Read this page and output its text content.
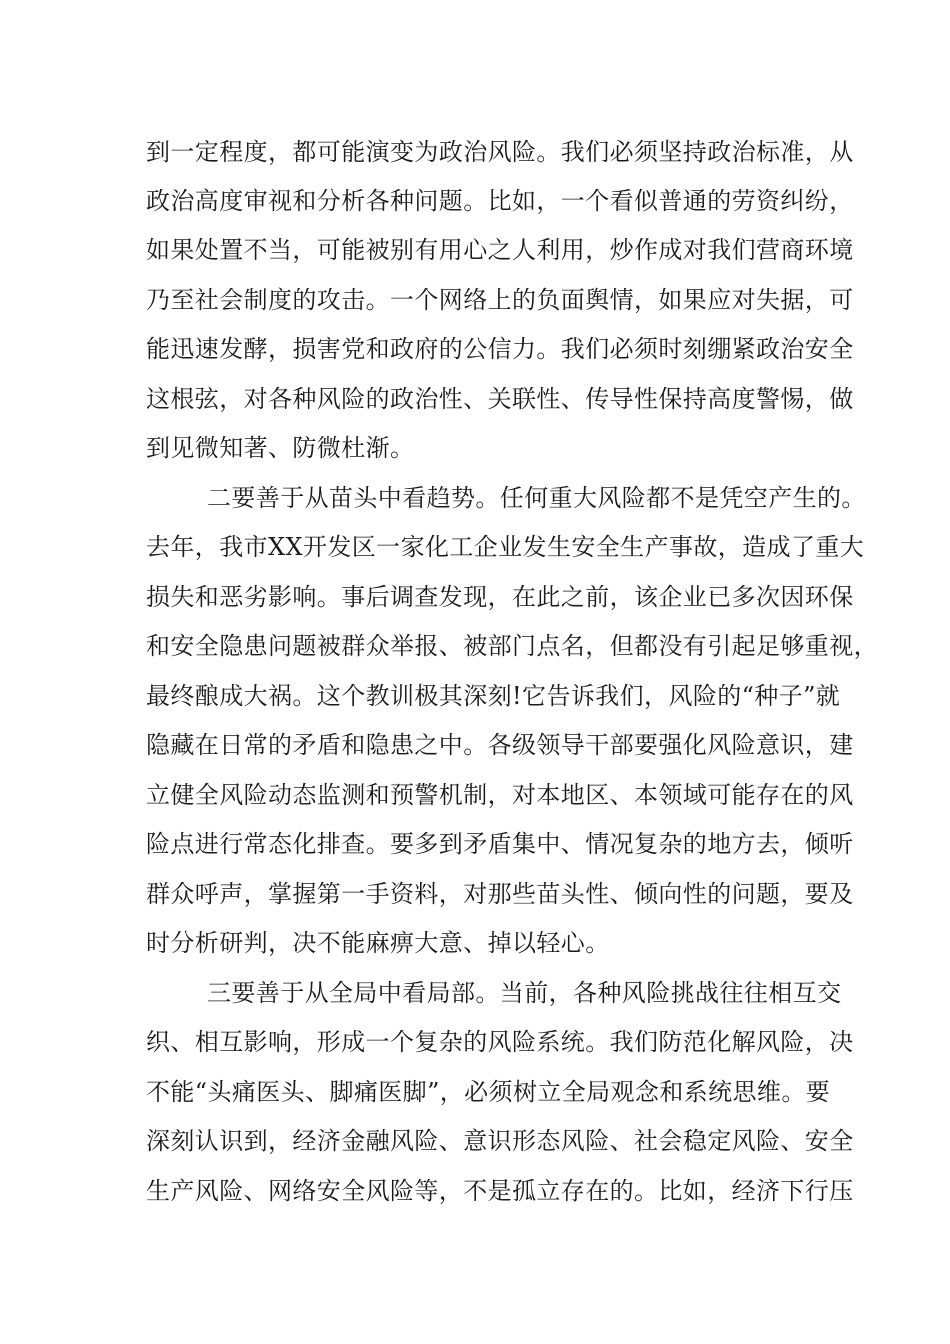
到一定程度，都可能演变为政治风险。我们必须坚持政治标准，从
政治高度审视和分析各种问题。比如，一个看似普通的劳资纠纷，
如果处置不当，可能被别有用心之人利用，炒作成对我们营商环境
乃至社会制度的攻击。一个网络上的负面舆情，如果应对失据，可
能迅速发酵，损害党和政府的公信力。我们必须时刻绷紧政治安全
这根弦，对各种风险的政治性、关联性、传导性保持高度警惕，做
到见微知著、防微杜渐。
二要善于从苗头中看趋势。任何重大风险都不是凭空产生的。
去年，我市XX开发区一家化工企业发生安全生产事故，造成了重大
损失和恶劣影响。事后调查发现，在此之前，该企业已多次因环保
和安全隐患问题被群众举报、被部门点名，但都没有引起足够重视，
最终酿成大祸。这个教训极其深刻!它告诉我们，风险的“种子”就
隐藏在日常的矛盾和隐患之中。各级领导干部要强化风险意识，建
立健全风险动态监测和预警机制，对本地区、本领域可能存在的风
险点进行常态化排查。要多到矛盾集中、情况复杂的地方去，倾听
群众呼声，掌握第一手资料，对那些苗头性、倾向性的问题，要及
时分析研判，决不能麻痹大意、掉以轻心。
三要善于从全局中看局部。当前，各种风险挑战往往相互交
织、相互影响，形成一个复杂的风险系统。我们防范化解风险，决
不能“头痛医头、脚痛医脚”，必须树立全局观念和系统思维。要
深刻认识到，经济金融风险、意识形态风险、社会稳定风险、安全
生产风险、网络安全风险等，不是孤立存在的。比如，经济下行压
